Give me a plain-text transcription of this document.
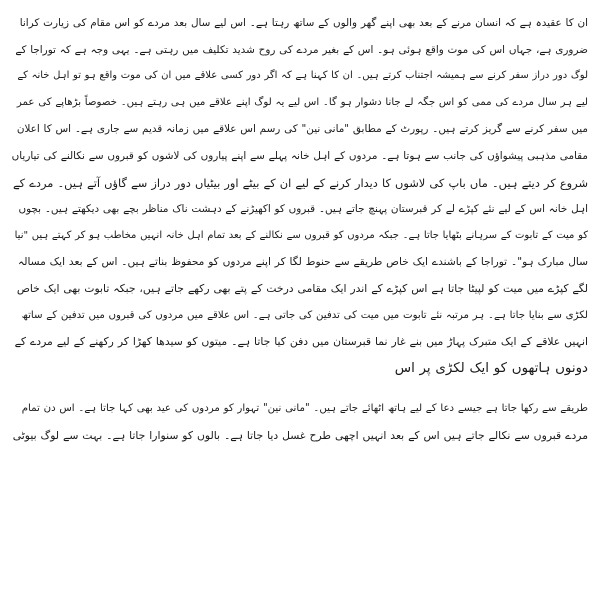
ان کا عقیدہ ہے کہ انسان مرنے کے بعد بھی اپنے گھر والوں کے ساتھ رہتا ہے۔ اس لیے سال بعد مردے کو اس مقام کی زیارت کرانا
ضروری ہے، جہاں اس کی موت واقع ہوئی ہو۔ اس کے بغیر مردے کی روح شدید تکلیف میں رہتی ہے۔ یہی وجہ ہے کہ توراجا کے
لوگ دور دراز سفر کرنے سے ہمیشہ اجتناب کرتے ہیں۔ ان کا کہنا ہے کہ اگر دور کسی علاقے میں ان کی موت واقع ہو تو اہل خانہ کے
لیے ہر سال مردے کی ممی کو اس جگہ لے جانا دشوار ہو گا۔ اس لیے یہ لوگ اپنے علاقے میں ہی رہتے ہیں۔ خصوصاً بڑھاپے کی عمر
میں سفر کرنے سے گریز کرتے ہیں۔ رپورٹ کے مطابق "مانی نین" کی رسم اس علاقے میں زمانہ قدیم سے جاری ہے۔ اس کا اعلان
مقامی مذہبی پیشواؤں کی جانب سے ہوتا ہے۔ مردوں کے اہل خانہ پہلے سے اپنے پیاروں کی لاشوں کو قبروں سے نکالنے کی تیاریاں
شروع کر دیتے ہیں۔ ماں باپ کی لاشوں کا دیدار کرنے کے لیے ان کے بیٹے اور بیٹیاں دور دراز سے گاؤں آتے ہیں۔ مردے کے
اہل خانہ اس کے لیے نئے کپڑے لے کر قبرستان پہنچ جاتے ہیں۔ قبروں کو اکھیڑنے کے دہشت ناک مناظر بچے بھی دیکھتے ہیں۔ بچوں
کو میت کے تابوت کے سرہانے بٹھایا جاتا ہے۔ جبکہ مردوں کو قبروں سے نکالنے کے بعد تمام اہل خانہ انہیں مخاطب ہو کر کہتے ہیں "نیا
سال مبارک ہو"۔ توراجا کے باشندے ایک خاص طریقے سے حنوط لگا کر اپنے مردوں کو محفوظ بناتے ہیں۔ اس کے بعد ایک مسالہ
لگے کپڑے میں میت کو لپیٹا جاتا ہے اس کپڑے کے اندر ایک مقامی درخت کے پتے بھی رکھے جاتے ہیں، جبکہ تابوت بھی ایک خاص
لکڑی سے بنایا جاتا ہے۔ ہر مرتبہ نئے تابوت میں میت کی تدفین کی جاتی ہے۔ اس علاقے میں مردوں کی قبروں میں تدفین کے ساتھ
انہیں علاقے کے ایک متبرک پہاڑ میں بنے غار نما قبرستان میں دفن کیا جاتا ہے۔ میتوں کو سیدھا کھڑا کر رکھنے کے لیے مردے کے
دونوں ہاتھوں کو ایک لکڑی پر اس

طریقے سے رکھا جاتا ہے جیسے دعا کے لیے ہاتھ اٹھائے جاتے ہیں۔ "مانی نین" تہوار کو مردوں کی عید بھی کہا جاتا ہے۔ اس دن تمام
مردے قبروں سے نکالے جاتے ہیں اس کے بعد انہیں اچھی طرح غسل دیا جاتا ہے۔ بالوں کو سنوارا جاتا ہے۔ بہت سے لوگ بیوٹی
